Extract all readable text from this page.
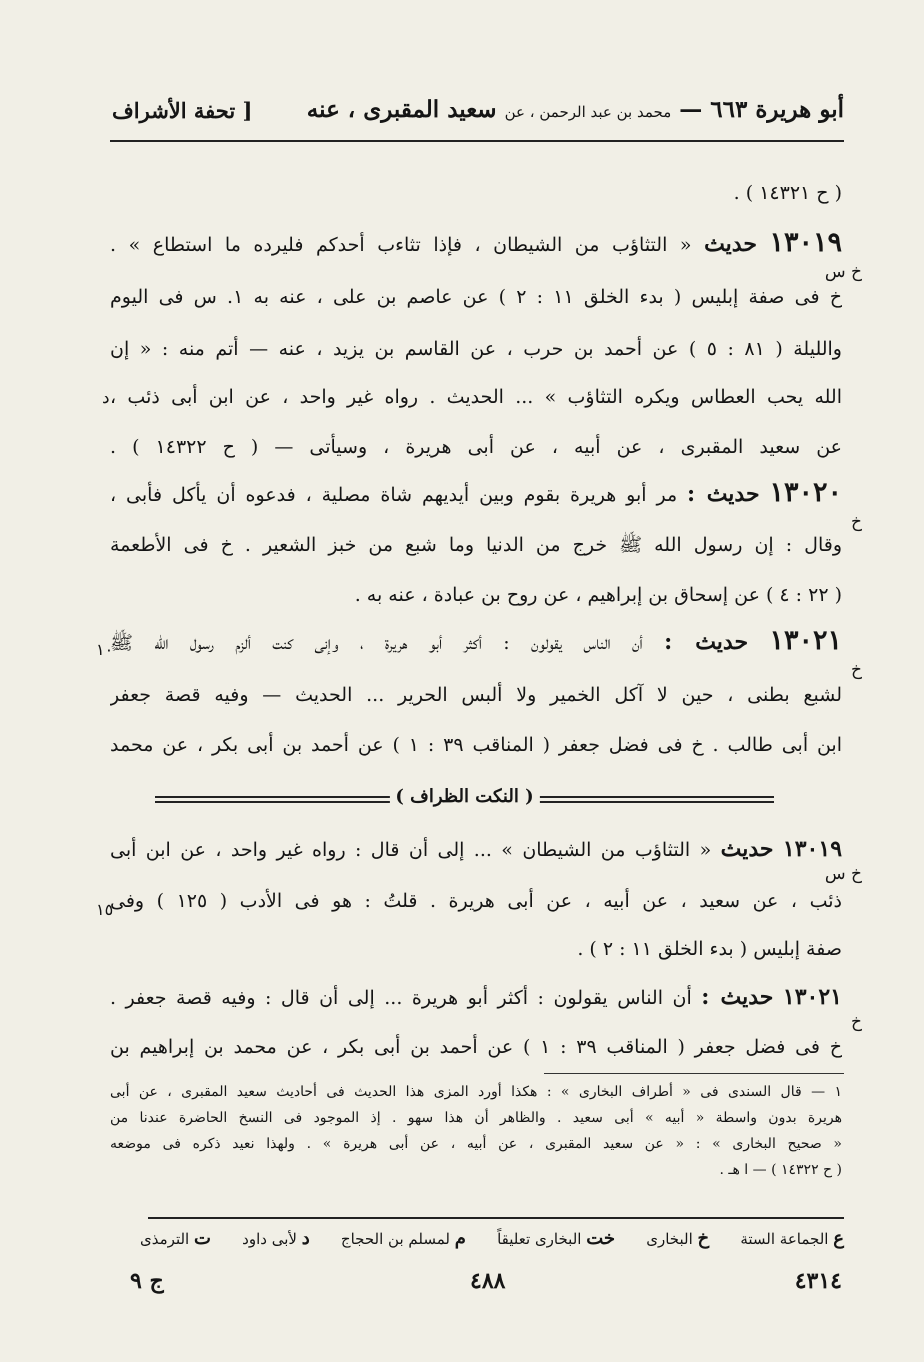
أبو هريرة ٦٦٣ — محمد بن عبد الرحمن ، عن سعيد المقبرى ، عنه
[ تحفة الأشراف
( ح ١٤٣٢١ ) .
١٣٠١٩ حديث « التثاؤب من الشيطان ، فإذا تثاءب أحدكم فليرده ما استطاع » .
خ فى صفة إبليس ( بدء الخلق ١١ : ٢ ) عن عاصم بن على ، عنه به ١. س فى اليوم
والليلة ( ٨١ : ٥ ) عن أحمد بن حرب ، عن القاسم بن يزيد ، عنه — أتم منه : « إن
الله يحب العطاس ويكره التثاؤب » ... الحديث . رواه غير واحد ، عن ابن أبى ذئب ،
عن سعيد المقبرى ، عن أبيه ، عن أبى هريرة ، وسيأتى — ( ح ١٤٣٢٢ ) .
١٣٠٢٠ حديث : مر أبو هريرة بقوم وبين أيديهم شاة مصلية ، فدعوه أن يأكل فأبى ،
وقال : إن رسول الله ﷺ خرج من الدنيا وما شبع من خبز الشعير . خ فى الأطعمة
( ٢٢ : ٤ ) عن إسحاق بن إبراهيم ، عن روح بن عبادة ، عنه به .
١٣٠٢١ حديث : أن الناس يقولون : أكثر أبو هريرة ، وإنى كنت ألزم رسول الله ﷺ
لشبع بطنى ، حين لا آكل الخمير ولا ألبس الحرير ... الحديث — وفيه قصة جعفر
ابن أبى طالب . خ فى فضل جعفر ( المناقب ٣٩ : ١ ) عن أحمد بن أبى بكر ، عن محمد
خ س
خ
خ
د
١٠
١٥
( النكت الظراف )
١٣٠١٩ حديث « التثاؤب من الشيطان » ... إلى أن قال : رواه غير واحد ، عن ابن أبى
ذئب ، عن سعيد ، عن أبيه ، عن أبى هريرة . قلتُ : هو فى الأدب ( ١٢٥ ) وفى
صفة إبليس ( بدء الخلق ١١ : ٢ ) .
١٣٠٢١ حديث : أن الناس يقولون : أكثر أبو هريرة ... إلى أن قال : وفيه قصة جعفر .
خ فى فضل جعفر ( المناقب ٣٩ : ١ ) عن أحمد بن أبى بكر ، عن محمد بن إبراهيم بن
خ س
خ
١ — قال السندى فى « أطراف البخارى » : هكذا أورد المزى هذا الحديث فى أحاديث سعيد المقبرى ، عن أبى
هريرة بدون واسطة « أبيه » أبى سعيد . والظاهر أن هذا سهو . إذ الموجود فى النسخ الحاضرة عندنا من
« صحيح البخارى » : « عن سعيد المقبرى ، عن أبيه ، عن أبى هريرة » . ولهذا نعيد ذكره فى موضعه
( ح ١٤٣٢٢ ) — ا هـ .
ع الجماعة الستة
خ البخارى
خت البخارى تعليقاً
م لمسلم بن الحجاج
د لأبى داود
ت الترمذى
٤٣١٤
٤٨٨
ج ٩
